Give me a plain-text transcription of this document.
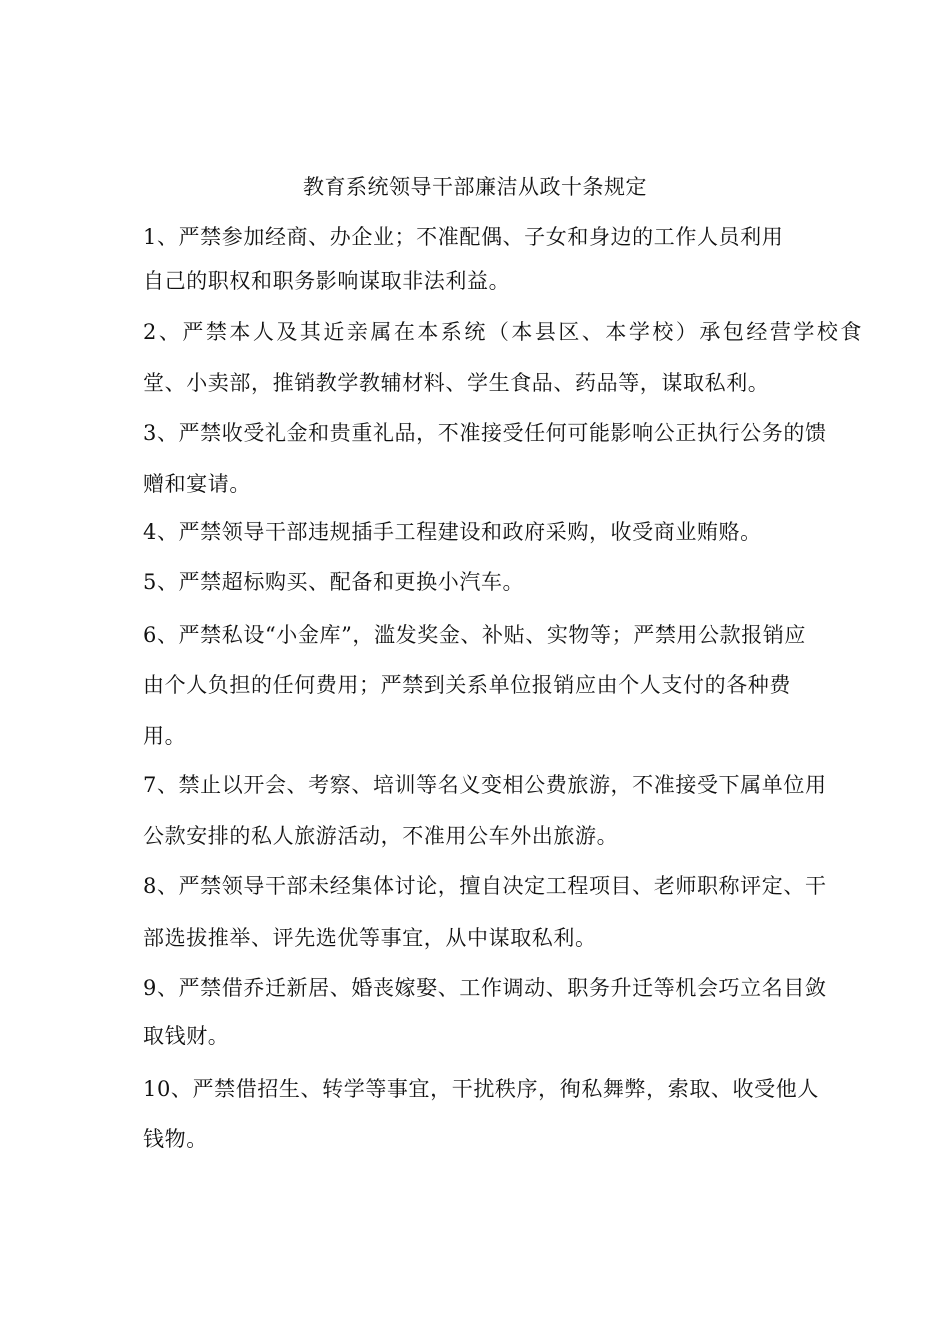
教育系统领导干部廉洁从政十条规定
1、严禁参加经商、办企业；不准配偶、子女和身边的工作人员利用
自己的职权和职务影响谋取非法利益。
2、严禁本人及其近亲属在本系统（本县区、本学校）承包经营学校食
堂、小卖部，推销教学教辅材料、学生食品、药品等，谋取私利。
3、严禁收受礼金和贵重礼品，不准接受任何可能影响公正执行公务的馈
赠和宴请。
4、严禁领导干部违规插手工程建设和政府采购，收受商业贿赂。
5、严禁超标购买、配备和更换小汽车。
6、严禁私设“小金库”，滥发奖金、补贴、实物等；严禁用公款报销应
由个人负担的任何费用；严禁到关系单位报销应由个人支付的各种费
用。
7、禁止以开会、考察、培训等名义变相公费旅游，不准接受下属单位用
公款安排的私人旅游活动，不准用公车外出旅游。
8、严禁领导干部未经集体讨论，擅自决定工程项目、老师职称评定、干
部选拔推举、评先选优等事宜，从中谋取私利。
9、严禁借乔迁新居、婚丧嫁娶、工作调动、职务升迁等机会巧立名目敛
取钱财。
10、严禁借招生、转学等事宜，干扰秩序，徇私舞弊，索取、收受他人
钱物。
